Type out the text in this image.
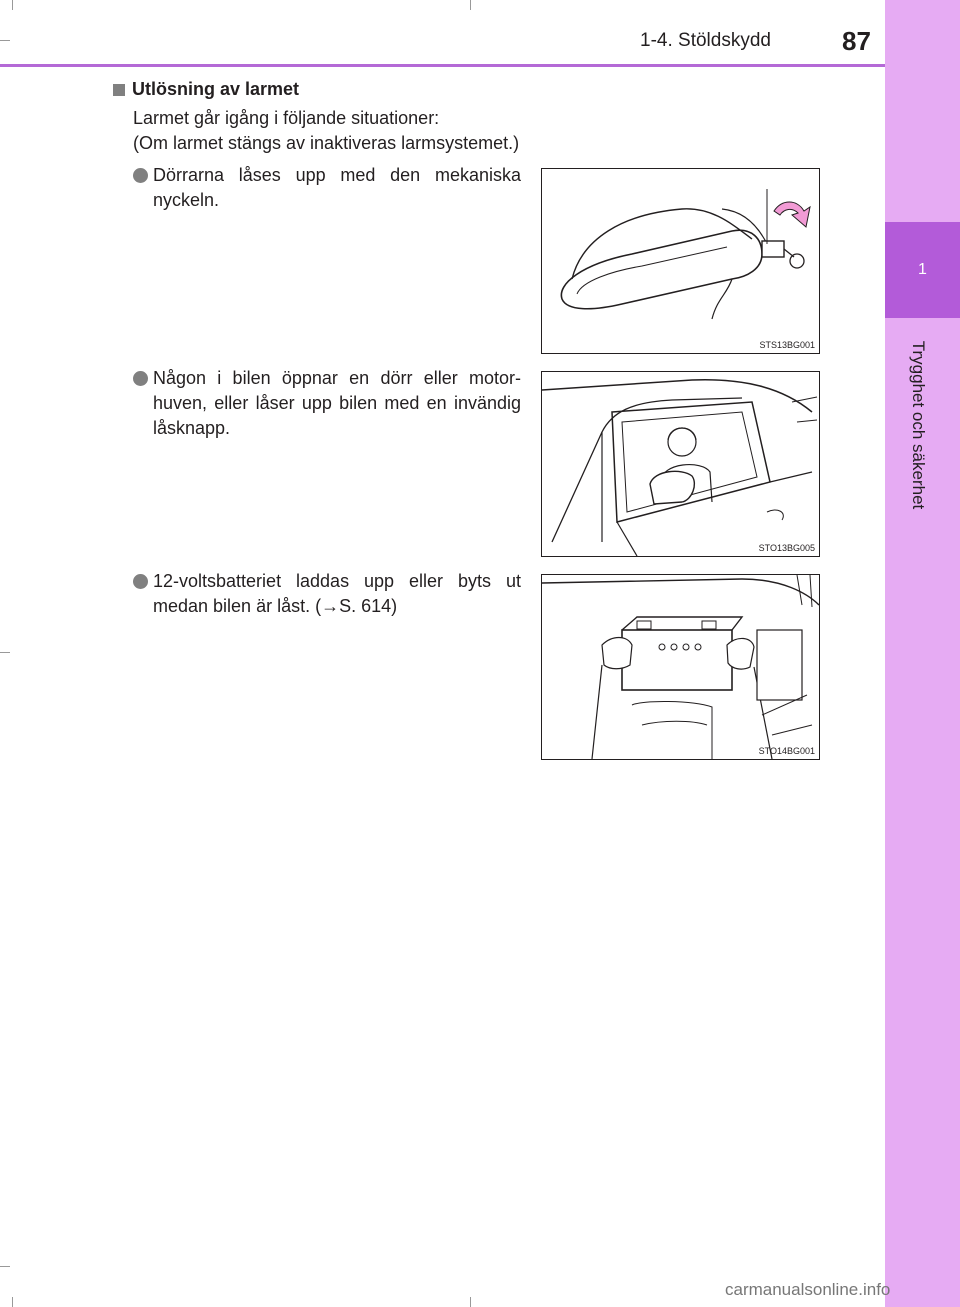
1-4. Stöldskydd	87
1
Trygghet och säkerhet
Utlösning av larmet
Larmet går igång i följande situationer:
(Om larmet stängs av inaktiveras larmsystemet.)
Dörrarna låses upp med den mekaniska nyckeln.
STS13BG001
Någon i bilen öppnar en dörr eller motor-huven, eller låser upp bilen med en invändig låsknapp.
STO13BG005
12-voltsbatteriet laddas upp eller byts ut medan bilen är låst. (→S. 614)
STO14BG001
carmanualsonline.info
